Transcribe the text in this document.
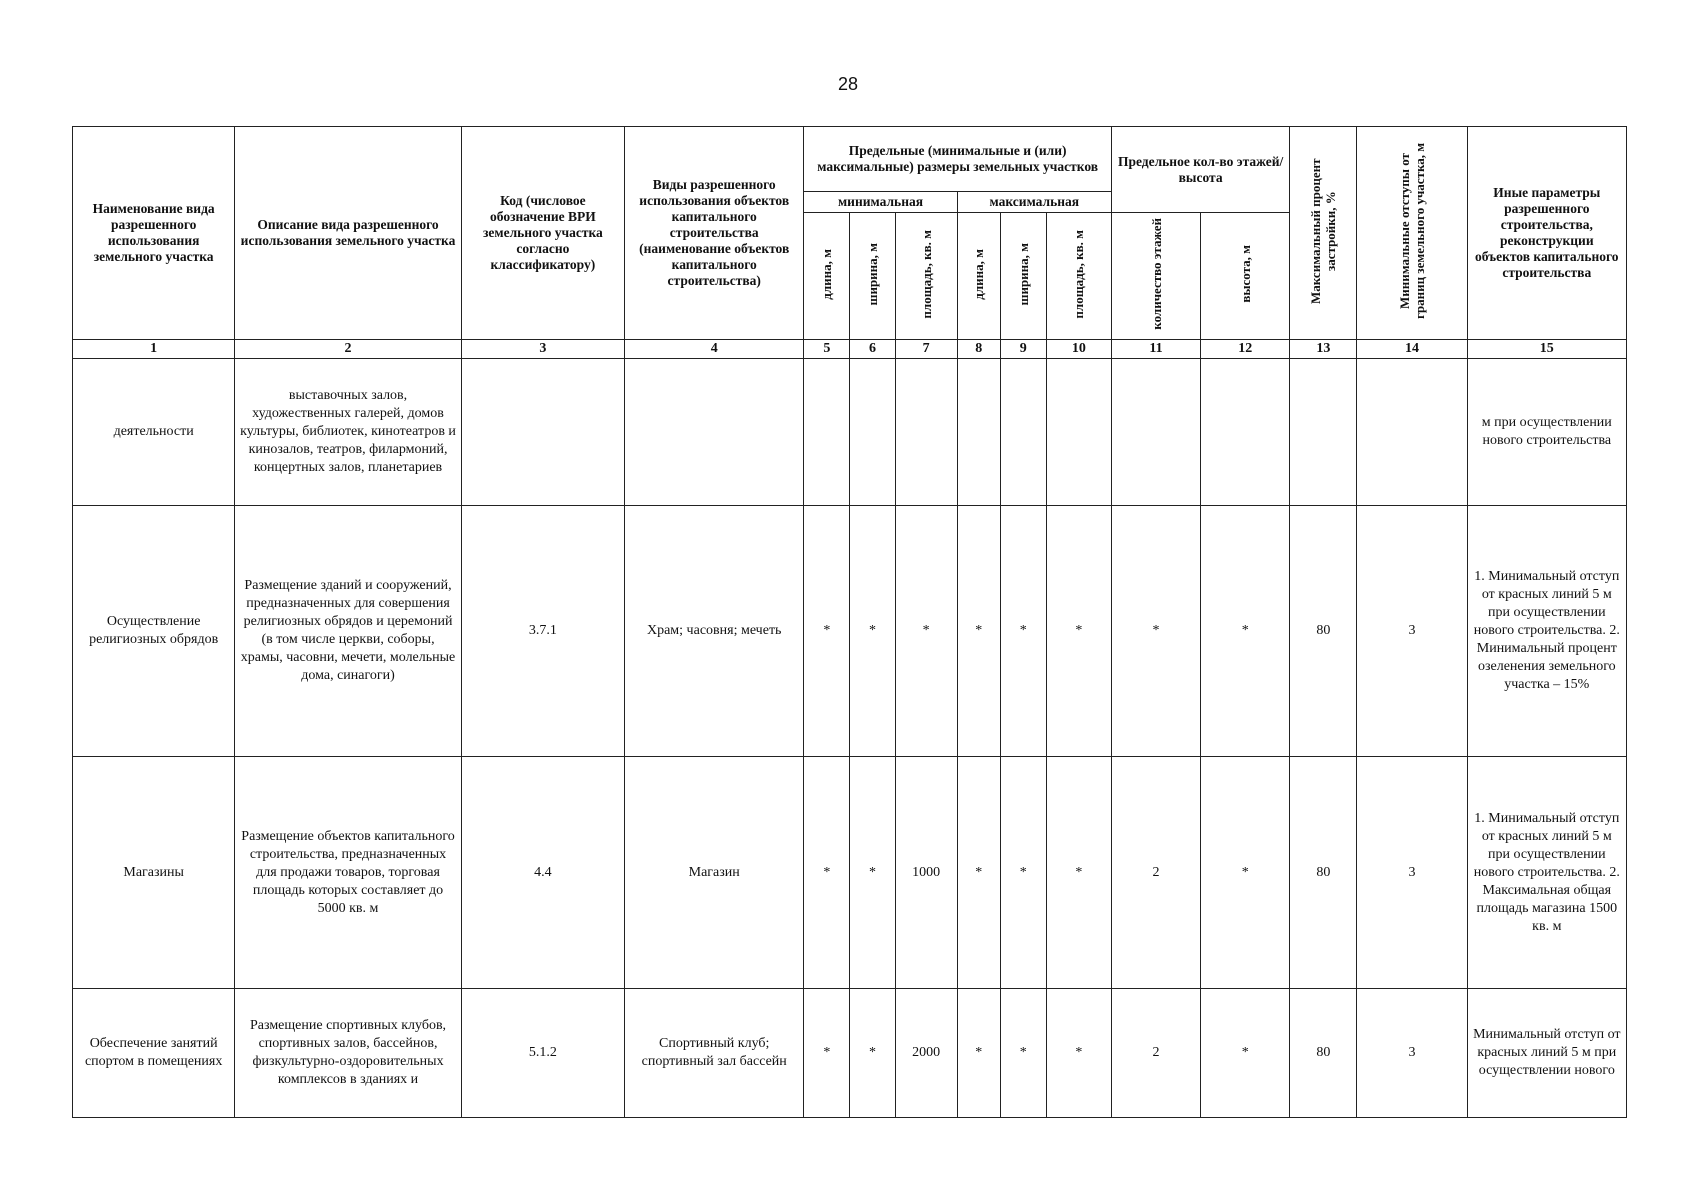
28
Наименование вида разрешенного использования земельного участка	Описание вида разрешенного использования земельного участка	Код (числовое обозначение ВРИ земельного участка согласно классификатору)	Виды разрешенного использования объектов капитального строительства (наименование объектов капитального строительства)	Предельные (минимальные и (или) максимальные) размеры земельных участков						Предельное кол-во этажей/высота		Максимальный процент застройки, %	Минимальные отступы от границ земельного участка, м	Иные параметры разрешенного строительства, реконструкции объектов капитального строительства
				минимальная			максимальная							
				длина, м	ширина, м	площадь, кв. м	длина, м	ширина, м	площадь, кв. м	количество этажей	высота, м			
1	2	3	4	5	6	7	8	9	10	11	12	13	14	15
деятельности	выставочных залов, художественных галерей, домов культуры, библиотек, кинотеатров и кинозалов, театров, филармоний, концертных залов, планетариев													м при осуществлении нового строительства
Осуществление религиозных обрядов	Размещение зданий и сооружений, предназначенных для совершения религиозных обрядов и церемоний (в том числе церкви, соборы, храмы, часовни, мечети, молельные дома, синагоги)	3.7.1	Храм; часовня; мечеть	*	*	*	*	*	*	*	*	80	3	1. Минимальный отступ от красных линий 5 м при осуществлении нового строительства. 2. Минимальный процент озеленения земельного участка – 15%
Магазины	Размещение объектов капитального строительства, предназначенных для продажи товаров, торговая площадь которых составляет до 5000 кв. м	4.4	Магазин	*	*	1000	*	*	*	2	*	80	3	1. Минимальный отступ от красных линий 5 м при осуществлении нового строительства. 2. Максимальная общая площадь магазина 1500 кв. м
Обеспечение занятий спортом в помещениях	Размещение спортивных клубов, спортивных залов, бассейнов, физкультурно-оздоровительных комплексов в зданиях и	5.1.2	Спортивный клуб; спортивный зал бассейн	*	*	2000	*	*	*	2	*	80	3	Минимальный отступ от красных линий 5 м при осуществлении нового
